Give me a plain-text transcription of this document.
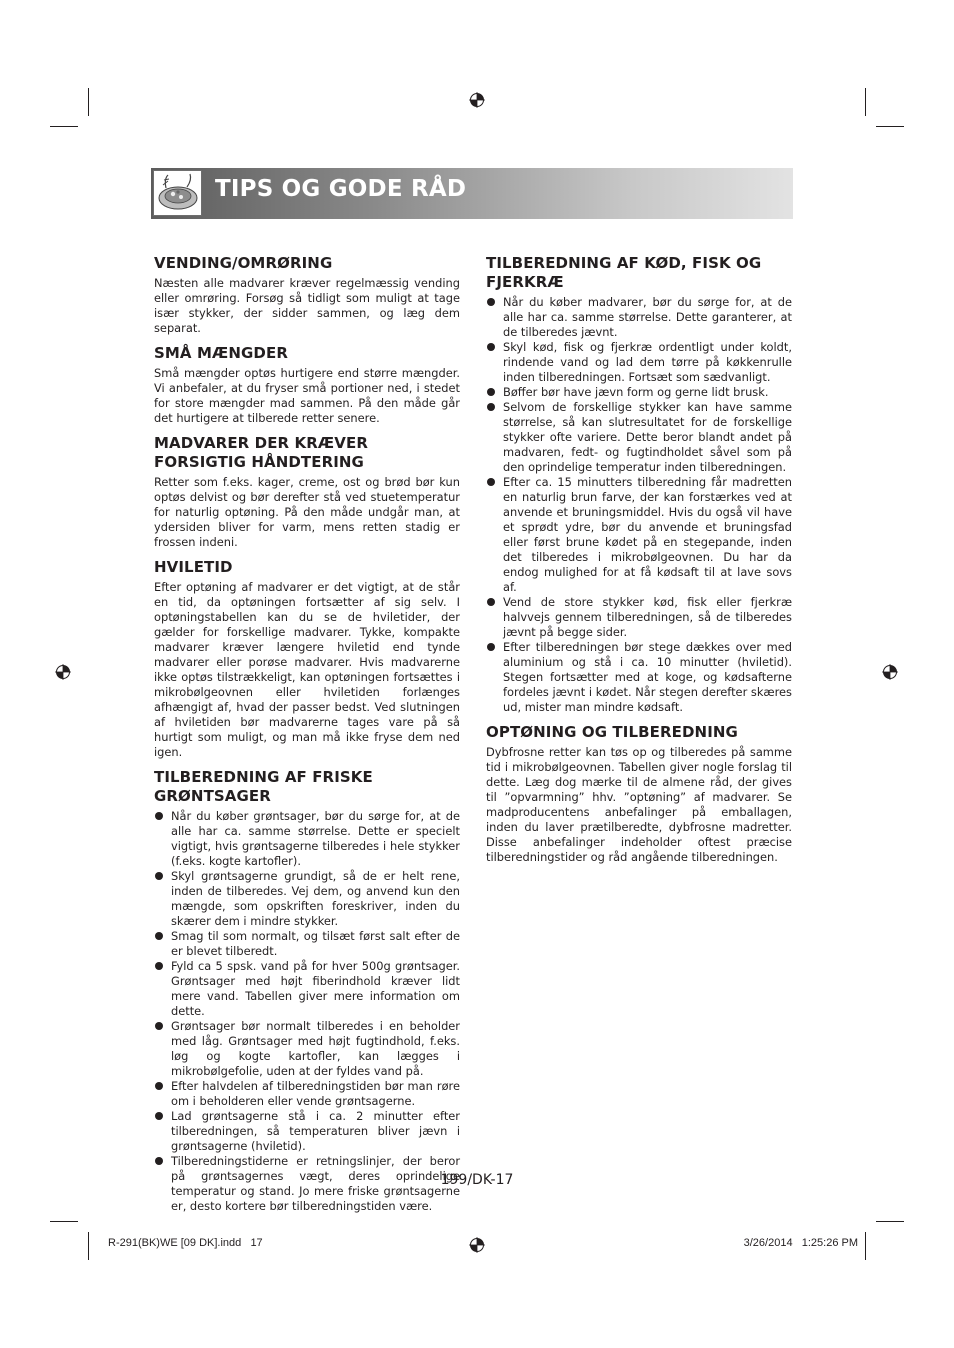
TIPS OG GODE RÅD
VENDING/OMRØRING

Næsten alle madvarer kræver regelmæssig vending eller omrøring. Forsøg så tidligt som muligt at tage især stykker, der sidder sammen, og læg dem separat.

SMÅ MÆNGDER

Små mængder optøs hurtigere end større mængder. Vi anbefaler, at du fryser små portioner ned, i stedet for store mængder mad sammen. På den måde går det hurtigere at tilberede retter senere.

MADVARER DER KRÆVER FORSIGTIG HÅNDTERING

Retter som f.eks. kager, creme, ost og brød bør kun optøs delvist og bør derefter stå ved stuetemperatur for naturlig optøning. På den måde undgår man, at ydersiden bliver for varm, mens retten stadig er frossen indeni.

HVILETID

Efter optøning af madvarer er det vigtigt, at de står en tid, da optøningen fortsætter af sig selv. I optøningstabellen kan du se de hviletider, der gælder for forskellige madvarer. Tykke, kompakte madvarer kræver længere hviletid end tynde madvarer eller porøse madvarer. Hvis madvarerne ikke optøs tilstrækkeligt, kan optøningen fortsættes i mikrobølgeovnen eller hviletiden forlænges afhængigt af, hvad der passer bedst. Ved slutningen af hviletiden bør madvarerne tages vare på så hurtigt som muligt, og man må ikke fryse dem ned igen.

TILBEREDNING AF FRISKE GRØNTSAGER
Når du køber grøntsager, bør du sørge for, at de alle har ca. samme størrelse. Dette er specielt vigtigt, hvis grøntsagerne tilberedes i hele stykker (f.eks. kogte kartofler).
Skyl grøntsagerne grundigt, så de er helt rene, inden de tilberedes. Vej dem, og anvend kun den mængde, som opskriften foreskriver, inden du skærer dem i mindre stykker.
Smag til som normalt, og tilsæt først salt efter de er blevet tilberedt.
Fyld ca 5 spsk. vand på for hver 500g grøntsager. Grøntsager med højt fiberindhold kræver lidt mere vand. Tabellen giver mere information om dette.
Grøntsager bør normalt tilberedes i en beholder med låg. Grøntsager med højt fugtindhold, f.eks. løg og kogte kartofler, kan lægges i mikrobølgefolie, uden at der fyldes vand på.
Efter halvdelen af tilberedningstiden bør man røre om i beholderen eller vende grøntsagerne.
Lad grøntsagerne stå i ca. 2 minutter efter tilberedningen, så temperaturen bliver jævn i grøntsagerne (hviletid).
Tilberedningstiderne er retningslinjer, der beror på grøntsagernes vægt, deres oprindelige temperatur og stand. Jo mere friske grøntsagerne er, desto kortere bør tilberedningstiden være.
TILBEREDNING AF KØD, FISK OG FJERKRÆ
Når du køber madvarer, bør du sørge for, at de alle har ca. samme størrelse. Dette garanterer, at de tilberedes jævnt.
Skyl kød, fisk og fjerkræ ordentligt under koldt, rindende vand og lad dem tørre på køkkenrulle inden tilberedningen. Fortsæt som sædvanligt.
Bøffer bør have jævn form og gerne lidt brusk.
Selvom de forskellige stykker kan have samme størrelse, så kan slutresultatet for de forskellige stykker ofte variere. Dette beror blandt andet på madvaren, fedt- og fugtindholdet såvel som på den oprindelige temperatur inden tilberedningen.
Efter ca. 15 minutters tilberedning får madretten en naturlig brun farve, der kan forstærkes ved at anvende et bruningsmiddel. Hvis du også vil have et sprødt ydre, bør du anvende et bruningsfad eller først brune kødet på en stegepande, inden det tilberedes i mikrobølgeovnen. Du har da endog mulighed for at få kødsaft til at lave sovs af.
Vend de store stykker kød, fisk eller fjerkræ halvvejs gennem tilberedningen, så de tilberedes jævnt på begge sider.
Efter tilberedningen bør stege dækkes over med aluminium og stå i ca. 10 minutter (hviletid). Stegen fortsætter med at koge, og kødsafterne fordeles jævnt i kødet. Når stegen derefter skæres ud, mister man mindre kødsaft.
OPTØNING OG TILBEREDNING

Dybfrosne retter kan tøs op og tilberedes på samme tid i mikrobølgeovnen. Tabellen giver nogle forslag til dette. Læg dog mærke til de almene råd, der gives til ”opvarmning” hhv. ”optøning” af madvarer. Se madproducentens anbefalinger på emballagen, inden du laver prætilberedte, dybfrosne madretter. Disse anbefalinger indeholder oftest præcise tilberedningstider og råd angående tilberedningen.

199/DK-17
R-291(BK)WE [09 DK].indd   17	3/26/2014   1:25:26 PM
